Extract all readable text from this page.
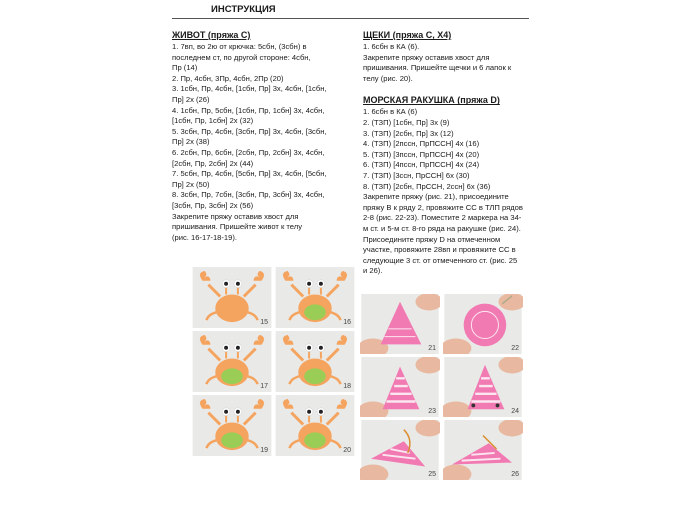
ИНСТРУКЦИЯ
ЖИВОТ (пряжа C)
1. 7вп, во 2ю от крючка: 5сбн, (3сбн) в
последнем ст, по другой стороне: 4сбн,
Пр (14)
2. Пр, 4сбн, 3Пр, 4сбн, 2Пр (20)
3. 1сбн, Пр, 4сбн, [1сбн, Пр] 3х, 4сбн, [1сбн,
Пр] 2х (26)
4. 1сбн, Пр, 5сбн, [1сбн, Пр, 1сбн] 3х, 4сбн,
[1сбн, Пр, 1сбн] 2х (32)
5. 3сбн, Пр, 4сбн, [3сбн, Пр] 3х, 4сбн, [3сбн,
Пр] 2х (38)
6. 2сбн, Пр, 6сбн, [2сбн, Пр, 2сбн] 3х, 4сбн,
[2сбн, Пр, 2сбн] 2х (44)
7. 5сбн, Пр, 4сбн, [5сбн, Пр] 3х, 4сбн, [5сбн,
Пр] 2х (50)
8. 3сбн, Пр, 7сбн, [3сбн, Пр, 3сбн] 3х, 4сбн,
[3сбн, Пр, 3сбн] 2х (56)
Закрепите пряжу оставив хвост для
пришивания. Пришейте живот к телу
(рис. 16-17-18-19).
ЩЕКИ (пряжа C, X4)
1. 6сбн в КА (6).
Закрепите пряжу оставив хвост для
пришивания. Пришейте щечки и 6 лапок к
телу (рис. 20).
МОРСКАЯ РАКУШКА (пряжа D)
1. 6сбн в КА (6)
2. (ТЗП) [1сбн, Пр] 3х (9)
3. (ТЗП) [2сбн, Пр] 3х (12)
4. (ТЗП) [2пссн, ПрПССН] 4х (16)
5. (ТЗП) [3пссн, ПрПССН] 4х (20)
6. (ТЗП) [4пссн, ПрПССН] 4х (24)
7. (ТЗП) [3ссн, ПрССН] 6х (30)
8. (ТЗП) [2сбн, ПрССН, 2ссн] 6х (36)
Закрепите пряжу (рис. 21), присоедините
пряжу В к ряду 2, провяжите СС в ТЛП рядов
2-8 (рис. 22-23). Поместите 2 маркера на 34-
м ст. и 5-м ст. 8-го ряда на ракушке (рис. 24).
Присоедините пряжу D на отмеченном
участке, провяжите 28вп и провяжите СС в
следующие 3 ст. от отмеченного ст. (рис. 25
и 26).
15	16
17	18
19	20
21	22
23	24
25	26
